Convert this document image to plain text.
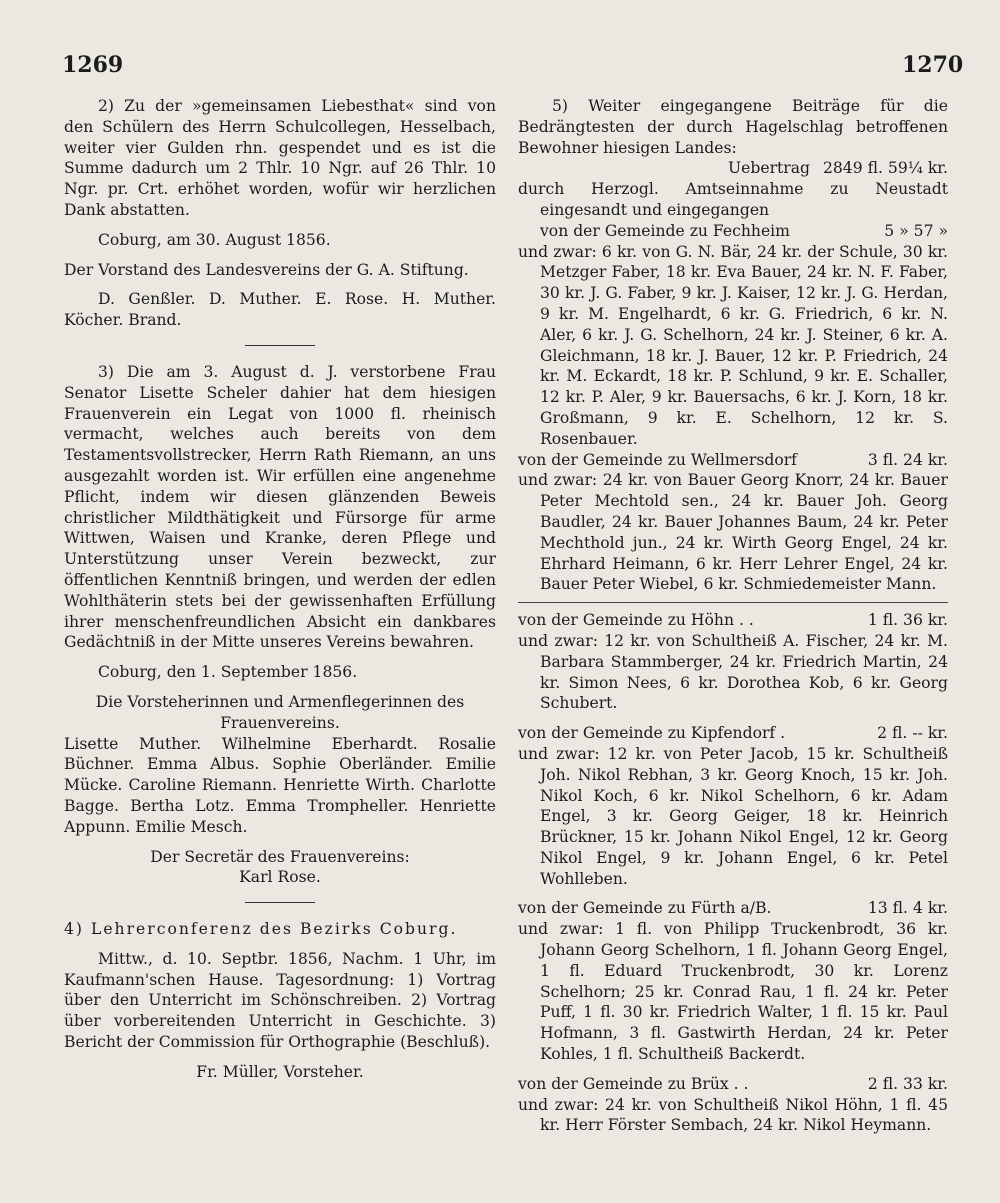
1269	1270

2) Zu der »gemeinsamen Liebesthat« sind von den Schülern des Herrn Schulcollegen, Hesselbach, weiter vier Gulden rhn. gespendet und es ist die Summe dadurch um 2 Thlr. 10 Ngr. auf 26 Thlr. 10 Ngr. pr. Crt. erhöhet worden, wofür wir herzlichen Dank abstatten.

Coburg, am 30. August 1856.

Der Vorstand des Landesvereins der G. A. Stiftung.

D. Genßler. D. Muther. E. Rose. H. Muther. Köcher. Brand.

3) Die am 3. August d. J. verstorbene Frau Senator Lisette Scheler dahier hat dem hiesigen Frauenverein ein Legat von 1000 fl. rheinisch vermacht, welches auch bereits von dem Testamentsvollstrecker, Herrn Rath Riemann, an uns ausgezahlt worden ist. Wir erfüllen eine angenehme Pflicht, indem wir diesen glänzenden Beweis christlicher Mildthätigkeit und Fürsorge für arme Wittwen, Waisen und Kranke, deren Pflege und Unterstützung unser Verein bezweckt, zur öffentlichen Kenntniß bringen, und werden der edlen Wohlthäterin stets bei der gewissenhaften Erfüllung ihrer menschenfreundlichen Absicht ein dankbares Gedächtniß in der Mitte unseres Vereins bewahren.

Coburg, den 1. September 1856.

Die Vorsteherinnen und Armenflegerinnen des Frauenvereins.

Lisette Muther. Wilhelmine Eberhardt. Rosalie Büchner. Emma Albus. Sophie Oberländer. Emilie Mücke. Caroline Riemann. Henriette Wirth. Charlotte Bagge. Bertha Lotz. Emma Trompheller. Henriette Appunn. Emilie Mesch.

Der Secretär des Frauenvereins:

Karl Rose.

4) Lehrerconferenz des Bezirks Coburg.

Mittw., d. 10. Septbr. 1856, Nachm. 1 Uhr, im Kaufmann'schen Hause. Tagesordnung: 1) Vortrag über den Unterricht im Schönschreiben. 2) Vortrag über vorbereitenden Unterricht in Geschichte. 3) Bericht der Commission für Orthographie (Beschluß).

Fr. Müller, Vorsteher.

5) Weiter eingegangene Beiträge für die Bedrängtesten der durch Hagelschlag betroffenen Bewohner hiesigen Landes:

Uebertrag 2849 fl. 59¼ kr.

durch Herzogl. Amtseinnahme zu Neustadt eingesandt und eingegangen

von der Gemeinde zu Fechheim	5 » 57 »

und zwar: 6 kr. von G. N. Bär, 24 kr. der Schule, 30 kr. Metzger Faber, 18 kr. Eva Bauer, 24 kr. N. F. Faber, 30 kr. J. G. Faber, 9 kr. J. Kaiser, 12 kr. J. G. Herdan, 9 kr. M. Engelhardt, 6 kr. G. Friedrich, 6 kr. N. Aler, 6 kr. J. G. Schelhorn, 24 kr. J. Steiner, 6 kr. A. Gleichmann, 18 kr. J. Bauer, 12 kr. P. Friedrich, 24 kr. M. Eckardt, 18 kr. P. Schlund, 9 kr. E. Schaller, 12 kr. P. Aler, 9 kr. Bauersachs, 6 kr. J. Korn, 18 kr. Großmann, 9 kr. E. Schelhorn, 12 kr. S. Rosenbauer.

von der Gemeinde zu Wellmersdorf	3 fl. 24 kr.

und zwar: 24 kr. von Bauer Georg Knorr, 24 kr. Bauer Peter Mechtold sen., 24 kr. Bauer Joh. Georg Baudler, 24 kr. Bauer Johannes Baum, 24 kr. Peter Mechthold jun., 24 kr. Wirth Georg Engel, 24 kr. Ehrhard Heimann, 6 kr. Herr Lehrer Engel, 24 kr. Bauer Peter Wiebel, 6 kr. Schmiedemeister Mann.

von der Gemeinde zu Höhn . .	1 fl. 36 kr.

und zwar: 12 kr. von Schultheiß A. Fischer, 24 kr. M. Barbara Stammberger, 24 kr. Friedrich Martin, 24 kr. Simon Nees, 6 kr. Dorothea Kob, 6 kr. Georg Schubert.

von der Gemeinde zu Kipfendorf .	2 fl. -- kr.

und zwar: 12 kr. von Peter Jacob, 15 kr. Schultheiß Joh. Nikol Rebhan, 3 kr. Georg Knoch, 15 kr. Joh. Nikol Koch, 6 kr. Nikol Schelhorn, 6 kr. Adam Engel, 3 kr. Georg Geiger, 18 kr. Heinrich Brückner, 15 kr. Johann Nikol Engel, 12 kr. Georg Nikol Engel, 9 kr. Johann Engel, 6 kr. Petel Wohlleben.

von der Gemeinde zu Fürth a/B.	13 fl. 4 kr.

und zwar: 1 fl. von Philipp Truckenbrodt, 36 kr. Johann Georg Schelhorn, 1 fl. Johann Georg Engel, 1 fl. Eduard Truckenbrodt, 30 kr. Lorenz Schelhorn; 25 kr. Conrad Rau, 1 fl. 24 kr. Peter Puff, 1 fl. 30 kr. Friedrich Walter, 1 fl. 15 kr. Paul Hofmann, 3 fl. Gastwirth Herdan, 24 kr. Peter Kohles, 1 fl. Schultheiß Backerdt.

von der Gemeinde zu Brüx . .	2 fl. 33 kr.

und zwar: 24 kr. von Schultheiß Nikol Höhn, 1 fl. 45 kr. Herr Förster Sembach, 24 kr. Nikol Heymann.
